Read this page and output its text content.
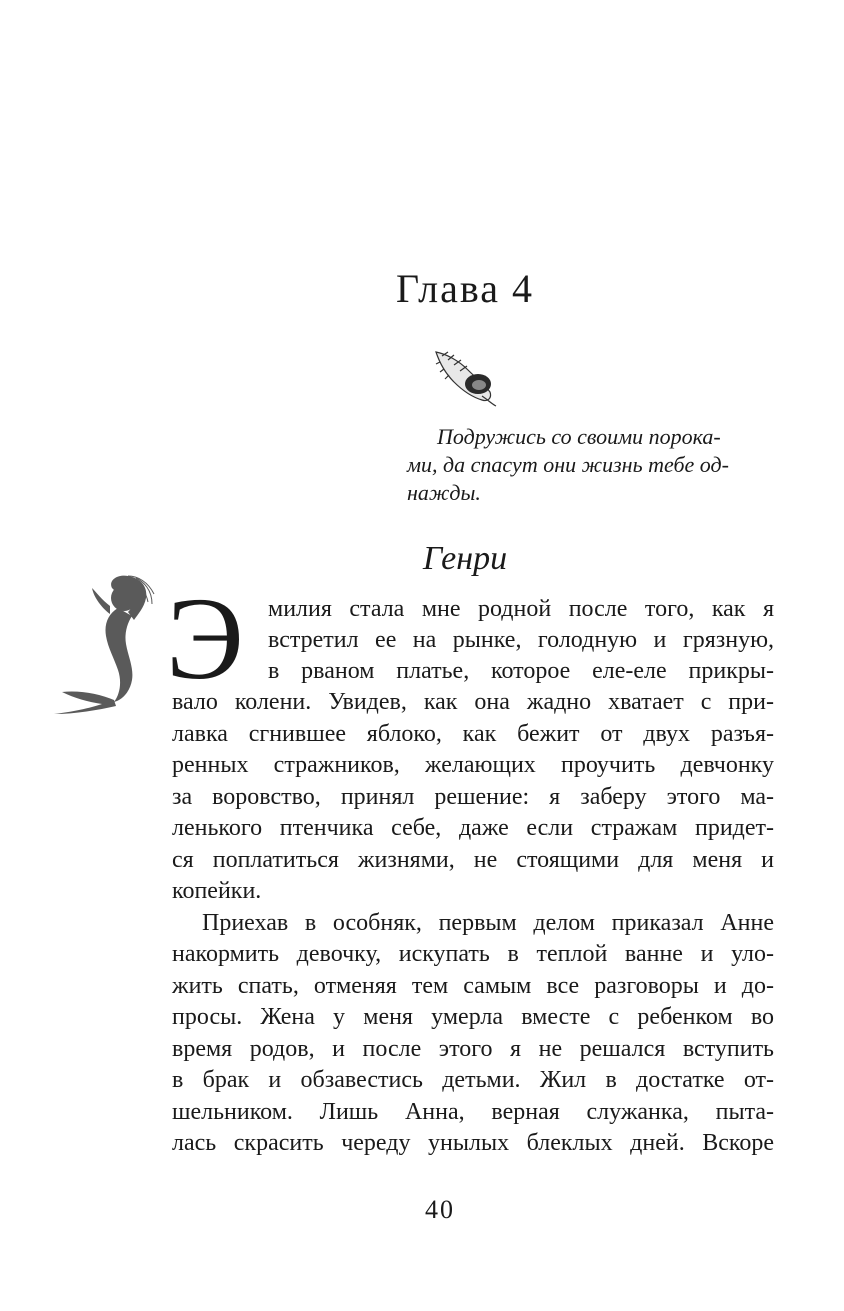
Глава 4

Подружись со своими порока-
ми, да спасут они жизнь тебе од-
нажды.

Генри
Э милия стала мне родной после того, как я
встретил ее на рынке, голодную и грязную,
в рваном платье, которое еле-еле прикры-
вало колени. Увидев, как она жадно хватает с при-
лавка сгнившее яблоко, как бежит от двух разъя-
ренных стражников, желающих проучить девчонку
за воровство, принял решение: я заберу этого ма-
ленького птенчика себе, даже если стражам придет-
ся поплатиться жизнями, не стоящими для меня и
копейки.
Приехав в особняк, первым делом приказал Анне
накормить девочку, искупать в теплой ванне и уло-
жить спать, отменяя тем самым все разговоры и до-
просы. Жена у меня умерла вместе с ребенком во
время родов, и после этого я не решался вступить
в брак и обзавестись детьми. Жил в достатке от-
шельником. Лишь Анна, верная служанка, пыта-
лась скрасить череду унылых блеклых дней. Вскоре
40
